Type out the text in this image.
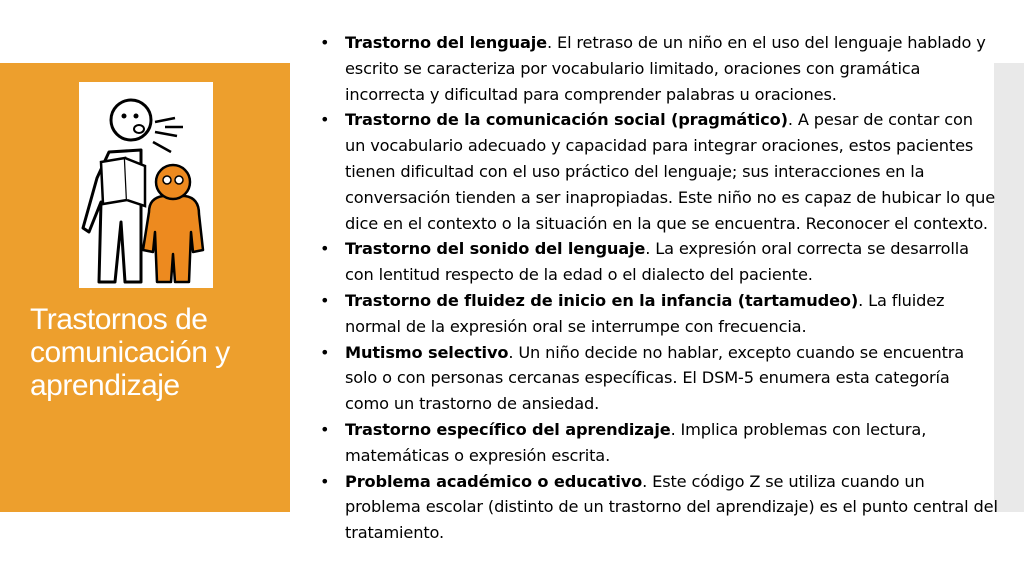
Trastornos de comunicación y aprendizaje
• Trastorno del lenguaje. El retraso de un niño en el uso del lenguaje hablado y escrito se caracteriza por vocabulario limitado, oraciones con gramática incorrecta y dificultad para comprender palabras u oraciones.
• Trastorno de la comunicación social (pragmático). A pesar de contar con un vocabulario adecuado y capacidad para integrar oraciones, estos pacientes tienen dificultad con el uso práctico del lenguaje; sus interacciones en la conversación tienden a ser inapropiadas. Este niño no es capaz de hubicar lo que dice en el contexto o la situación en la que se encuentra. Reconocer el contexto.
• Trastorno del sonido del lenguaje. La expresión oral correcta se desarrolla con lentitud respecto de la edad o el dialecto del paciente.
• Trastorno de fluidez de inicio en la infancia (tartamudeo). La fluidez normal de la expresión oral se interrumpe con frecuencia.
• Mutismo selectivo. Un niño decide no hablar, excepto cuando se encuentra solo o con personas cercanas específicas. El DSM-5 enumera esta categoría como un trastorno de ansiedad.
• Trastorno específico del aprendizaje. Implica problemas con lectura, matemáticas o expresión escrita.
• Problema académico o educativo. Este código Z se utiliza cuando un problema escolar (distinto de un trastorno del aprendizaje) es el punto central del tratamiento.
